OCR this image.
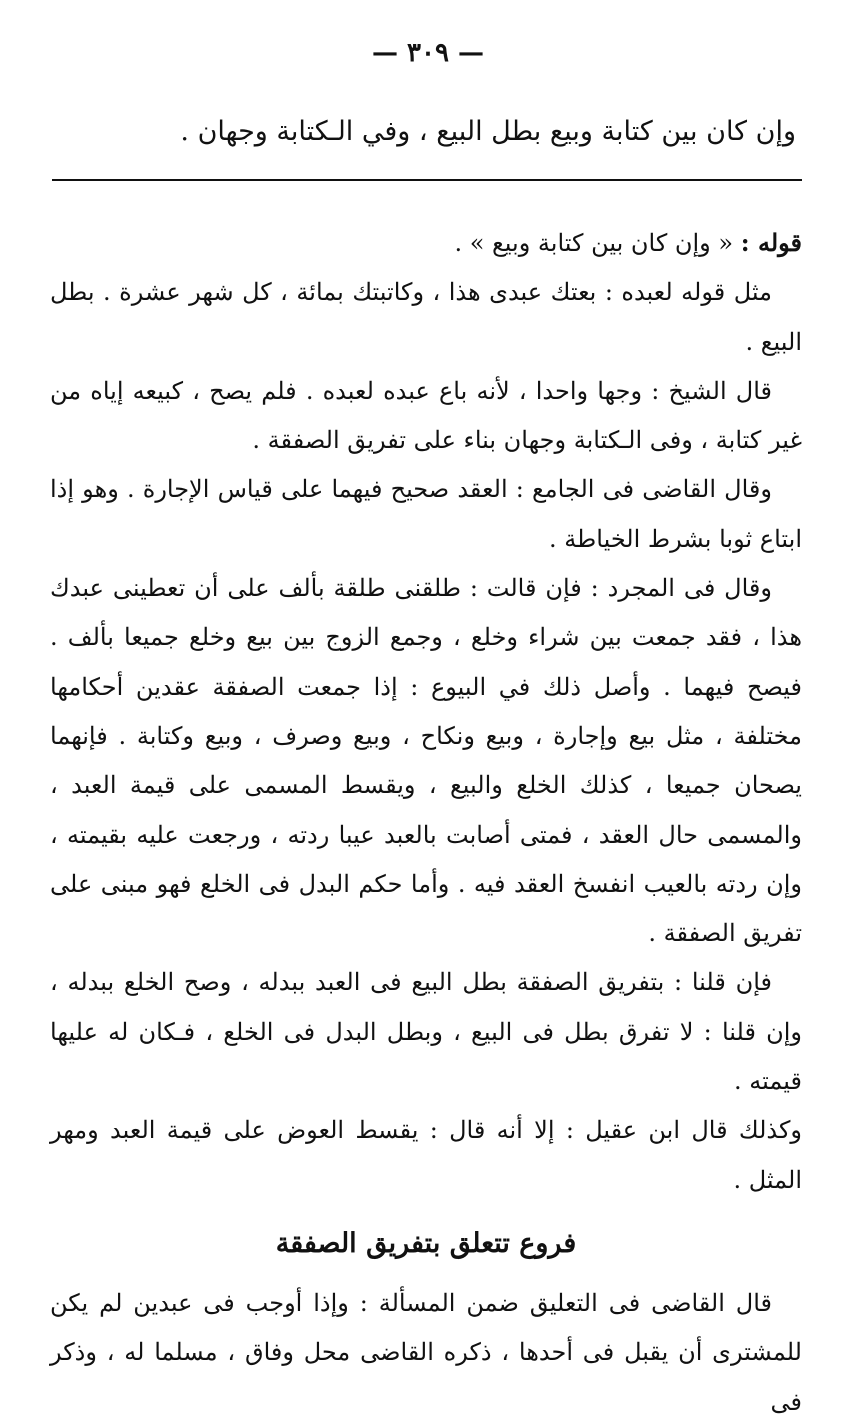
— ٣٠٩ —
وإن كان بين كتابة وبيع بطل البيع ، وفي الـكتابة وجهان .

قوله : « وإن كان بين كتابة وبيع » .

مثل قوله لعبده : بعتك عبدى هذا ، وكاتبتك بمائة ، كل شهر عشرة . بطل البيع .

قال الشيخ : وجها واحدا ، لأنه باع عبده لعبده . فلم يصح ، كبيعه إياه من غير كتابة ، وفى الـكتابة وجهان بناء على تفريق الصفقة .

وقال القاضى فى الجامع : العقد صحيح فيهما على قياس الإجارة . وهو إذا ابتاع ثوبا بشرط الخياطة .

وقال فى المجرد : فإن قالت : طلقنى طلقة بألف على أن تعطينى عبدك هذا ، فقد جمعت بين شراء وخلع ، وجمع الزوج بين بيع وخلع جميعا بألف . فيصح فيهما . وأصل ذلك في البيوع : إذا جمعت الصفقة عقدين أحكامها مختلفة ، مثل بيع وإجارة ، وبيع ونكاح ، وبيع وصرف ، وبيع وكتابة . فإنهما يصحان جميعا ، كذلك الخلع والبيع ، ويقسط المسمى على قيمة العبد ، والمسمى حال العقد ، فمتى أصابت بالعبد عيبا ردته ، ورجعت عليه بقيمته ، وإن ردته بالعيب انفسخ العقد فيه . وأما حكم البدل فى الخلع فهو مبنى على تفريق الصفقة .

فإن قلنا : بتفريق الصفقة بطل البيع فى العبد ببدله ، وصح الخلع ببدله ، وإن قلنا : لا تفرق بطل فى البيع ، وبطل البدل فى الخلع ، فـكان له عليها قيمته .

وكذلك قال ابن عقيل : إلا أنه قال : يقسط العوض على قيمة العبد ومهر المثل .

فروع تتعلق بتفريق الصفقة

قال القاضى فى التعليق ضمن المسألة : وإذا أوجب فى عبدين لم يكن للمشترى أن يقبل فى أحدها ، ذكره القاضى محل وفاق ، مسلما له ، وذكر فى
